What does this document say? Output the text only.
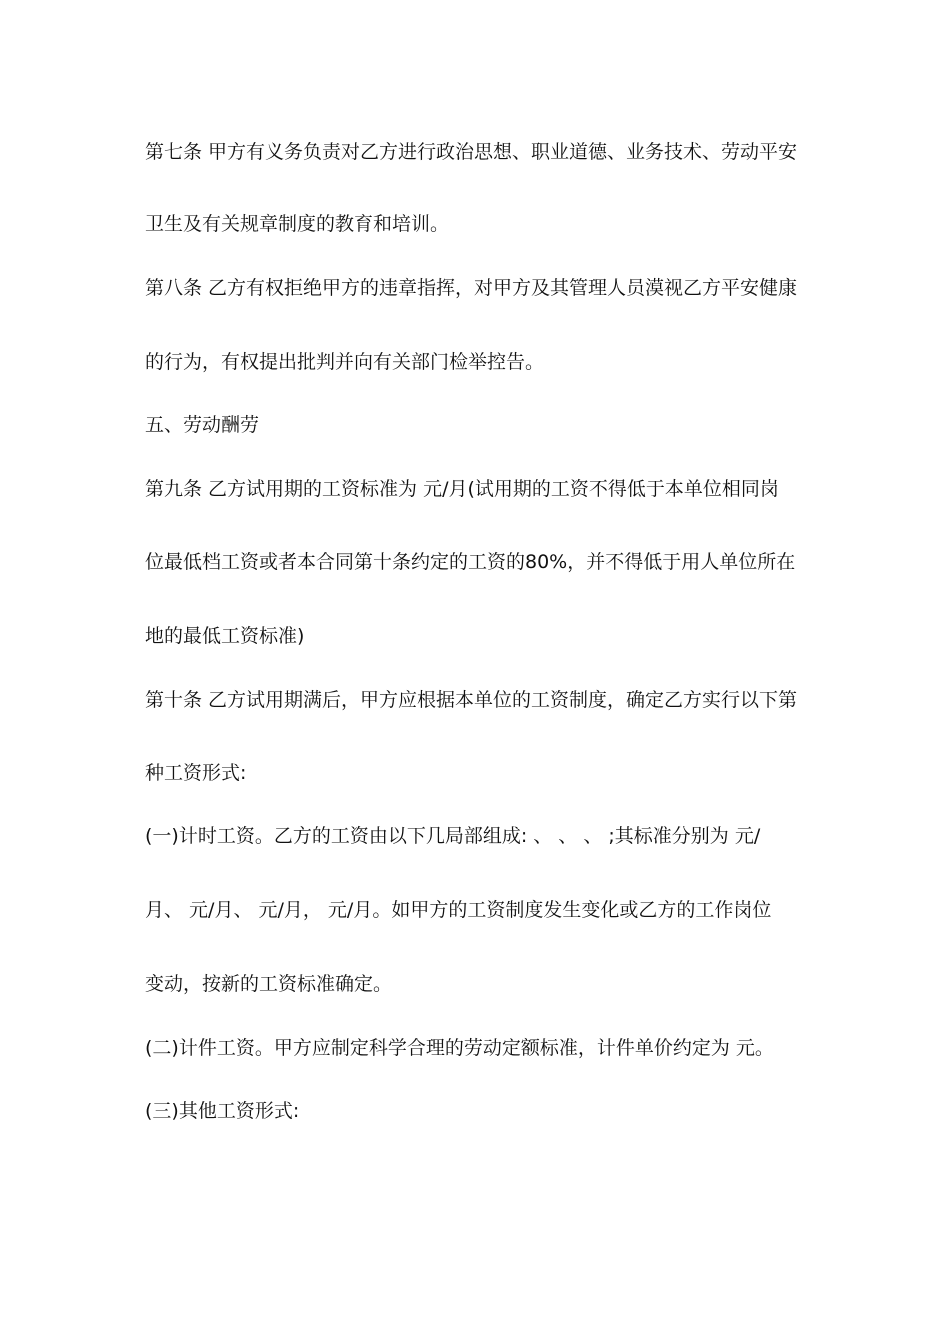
第七条 甲方有义务负责对乙方进行政治思想、职业道德、业务技术、劳动平安
卫生及有关规章制度的教育和培训。
第八条 乙方有权拒绝甲方的违章指挥，对甲方及其管理人员漠视乙方平安健康
的行为，有权提出批判并向有关部门检举控告。
五、劳动酬劳
第九条 乙方试用期的工资标准为 元/月(试用期的工资不得低于本单位相同岗
位最低档工资或者本合同第十条约定的工资的80%，并不得低于用人单位所在
地的最低工资标准)
第十条 乙方试用期满后，甲方应根据本单位的工资制度，确定乙方实行以下第
种工资形式:
(一)计时工资。乙方的工资由以下几局部组成: 、 、 、 ;其标准分别为 元/
月、 元/月、 元/月， 元/月。如甲方的工资制度发生变化或乙方的工作岗位
变动，按新的工资标准确定。
(二)计件工资。甲方应制定科学合理的劳动定额标准，计件单价约定为 元。
(三)其他工资形式:
